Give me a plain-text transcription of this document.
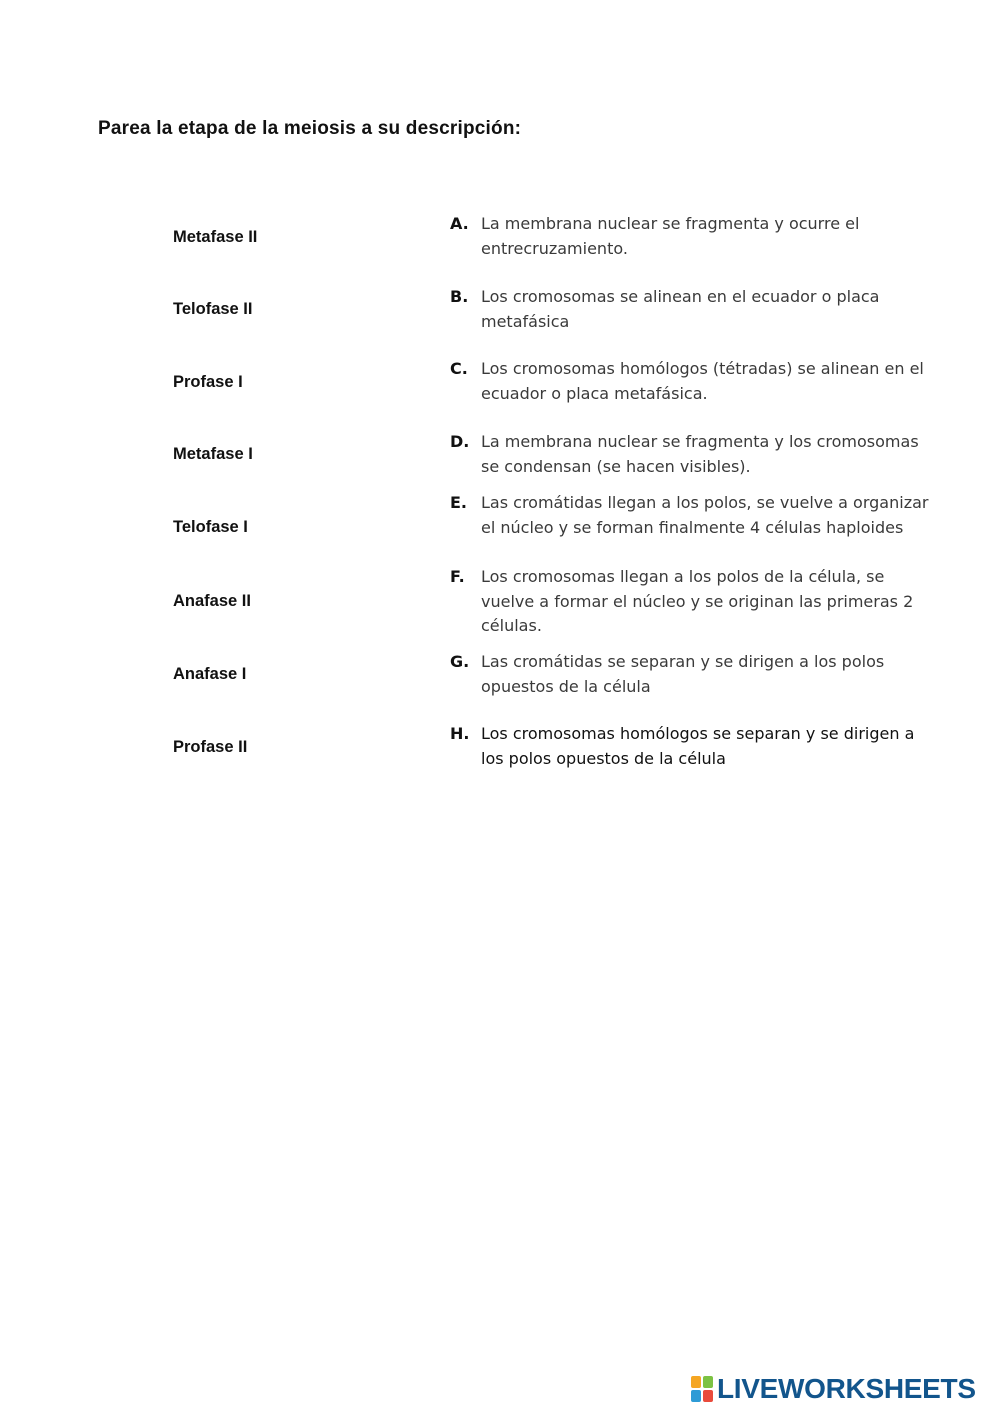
Parea la etapa de la meiosis a su descripción:
Metafase II
Telofase II
Profase I
Metafase I
Telofase I
Anafase II
Anafase I
Profase II
A. La membrana nuclear se fragmenta y ocurre el entrecruzamiento.
B. Los cromosomas se alinean en el ecuador o placa metafásica
C. Los cromosomas homólogos (tétradas) se alinean en el ecuador o placa metafásica.
D. La membrana nuclear se fragmenta y los cromosomas se condensan (se hacen visibles).
E. Las cromátidas llegan a los polos, se vuelve a organizar el núcleo y se forman finalmente 4 células haploides
F. Los cromosomas llegan a los polos de la célula, se vuelve a formar el núcleo y se originan las primeras 2 células.
G. Las cromátidas se separan y se dirigen a los polos opuestos de la célula
H. Los cromosomas homólogos se separan y se dirigen a los polos opuestos de la célula
LIVEWORKSHEETS
